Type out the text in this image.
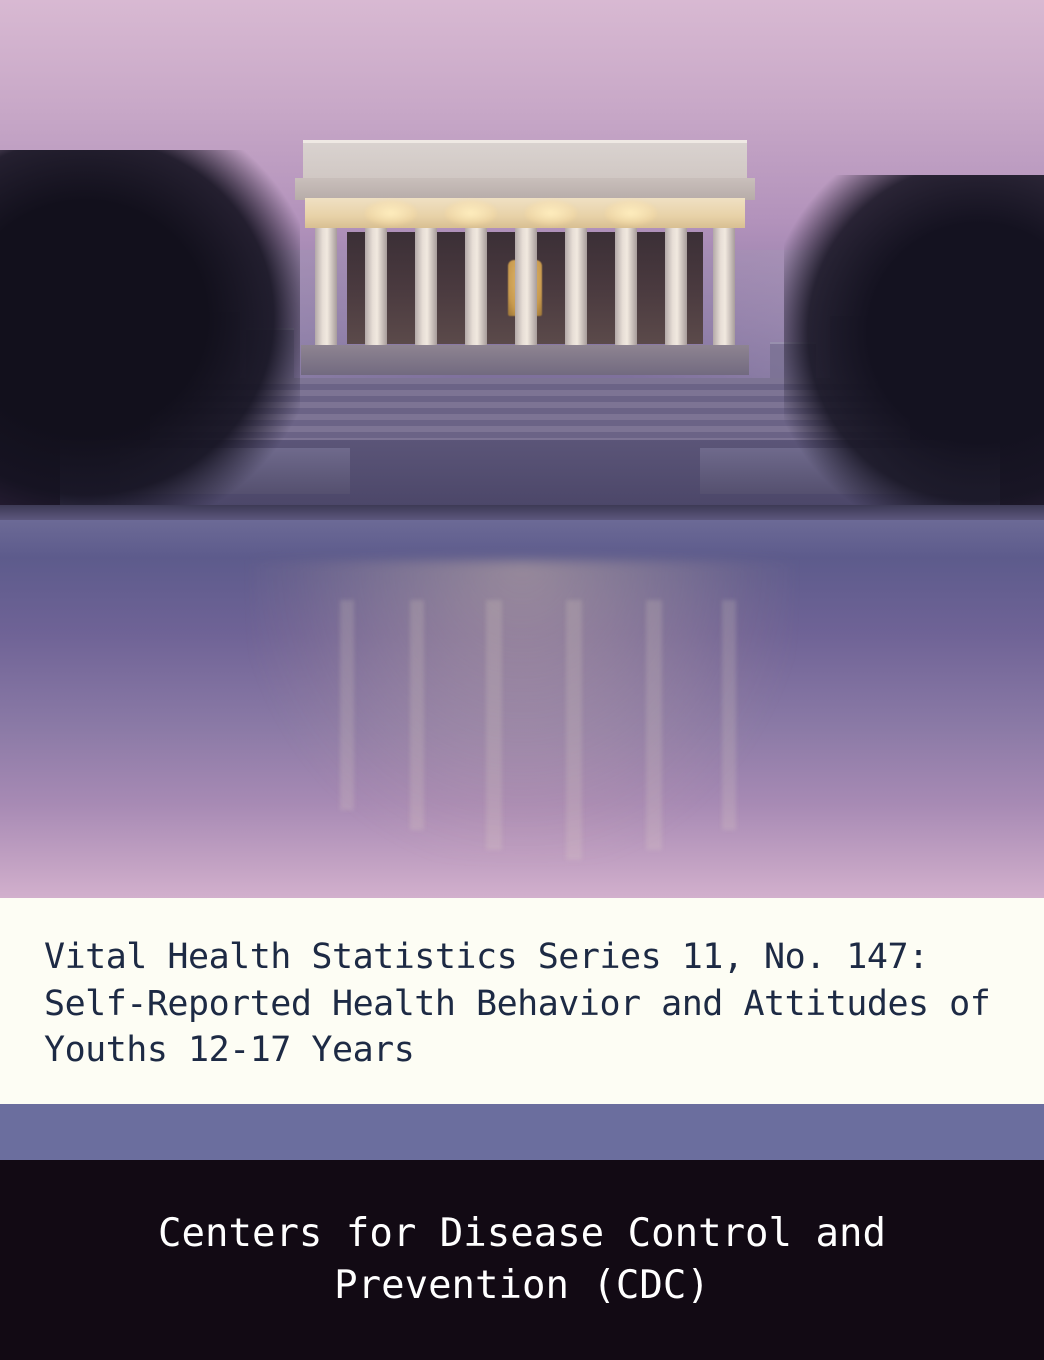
Vital Health Statistics Series 11, No. 147: Self-Reported Health Behavior and Attitudes of Youths 12-17 Years
Centers for Disease Control and Prevention (CDC)
